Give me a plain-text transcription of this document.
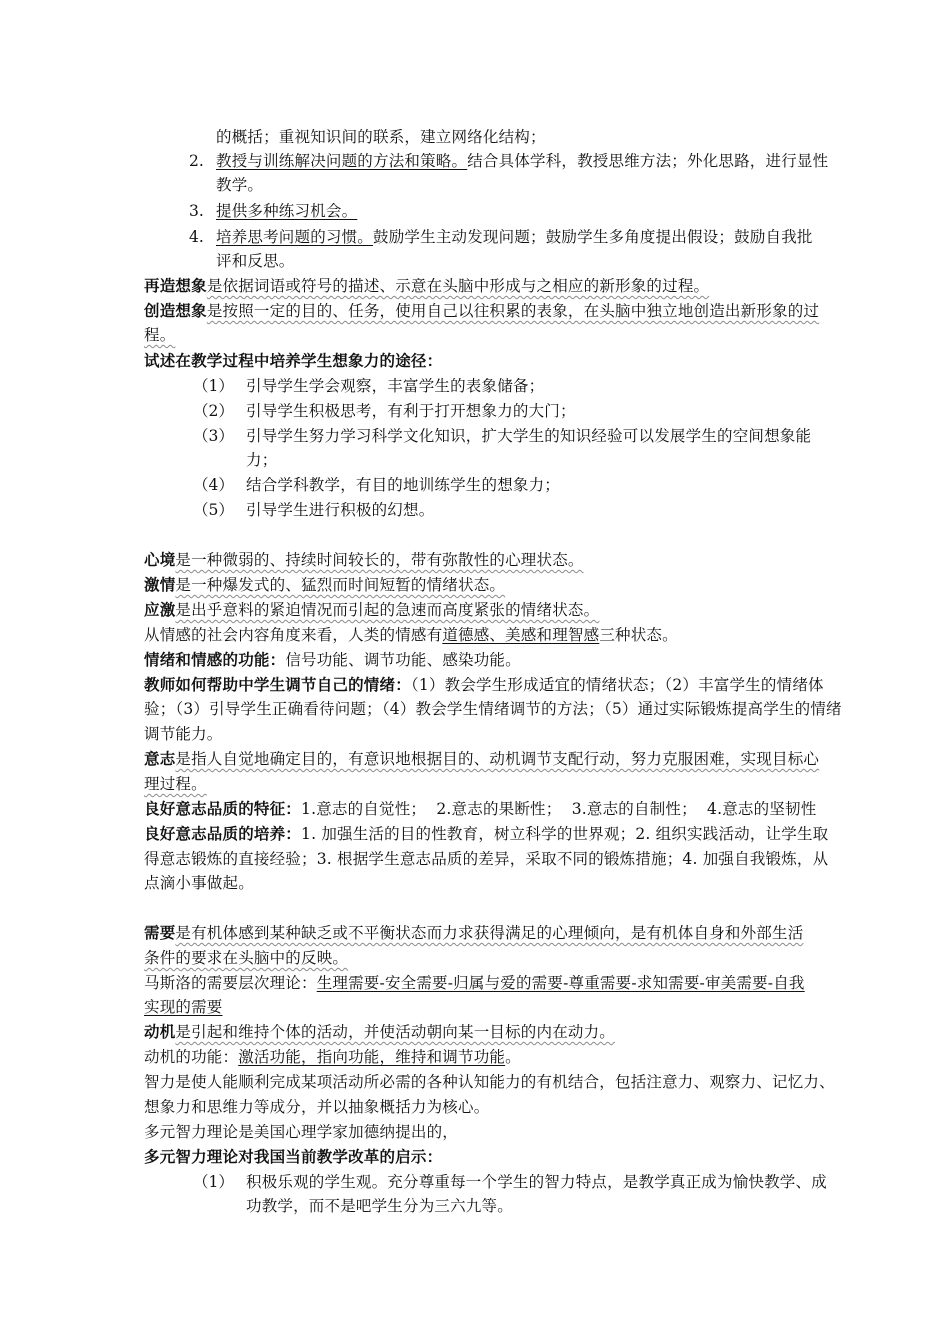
的概括；重视知识间的联系，建立网络化结构；
2. 教授与训练解决问题的方法和策略。结合具体学科，教授思维方法；外化思路，进行显性
教学。
3. 提供多种练习机会。
4. 培养思考问题的习惯。鼓励学生主动发现问题；鼓励学生多角度提出假设；鼓励自我批
评和反思。
再造想象是依据词语或符号的描述、示意在头脑中形成与之相应的新形象的过程。
创造想象是按照一定的目的、任务，使用自己以往积累的表象，在头脑中独立地创造出新形象的过
程。
试述在教学过程中培养学生想象力的途径：
（1） 引导学生学会观察，丰富学生的表象储备；
（2） 引导学生积极思考，有利于打开想象力的大门；
（3） 引导学生努力学习科学文化知识，扩大学生的知识经验可以发展学生的空间想象能
力；
（4） 结合学科教学，有目的地训练学生的想象力；
（5） 引导学生进行积极的幻想。
心境是一种微弱的、持续时间较长的，带有弥散性的心理状态。
激情是一种爆发式的、猛烈而时间短暂的情绪状态。
应激是出乎意料的紧迫情况而引起的急速而高度紧张的情绪状态。
从情感的社会内容角度来看，人类的情感有道德感、美感和理智感三种状态。
情绪和情感的功能：信号功能、调节功能、感染功能。
教师如何帮助中学生调节自己的情绪：（1）教会学生形成适宜的情绪状态；（2）丰富学生的情绪体
验；（3）引导学生正确看待问题；（4）教会学生情绪调节的方法；（5）通过实际锻炼提高学生的情绪
调节能力。
意志是指人自觉地确定目的，有意识地根据目的、动机调节支配行动，努力克服困难，实现目标心
理过程。
良好意志品质的特征：1.意志的自觉性；  2.意志的果断性；  3.意志的自制性；  4.意志的坚韧性
良好意志品质的培养：1. 加强生活的目的性教育，树立科学的世界观；2. 组织实践活动，让学生取
得意志锻炼的直接经验；3. 根据学生意志品质的差异，采取不同的锻炼措施；4. 加强自我锻炼，从
点滴小事做起。
需要是有机体感到某种缺乏或不平衡状态而力求获得满足的心理倾向，是有机体自身和外部生活
条件的要求在头脑中的反映。
马斯洛的需要层次理论：生理需要-安全需要-归属与爱的需要-尊重需要-求知需要-审美需要-自我
实现的需要
动机是引起和维持个体的活动，并使活动朝向某一目标的内在动力。
动机的功能：激活功能，指向功能，维持和调节功能。
智力是使人能顺利完成某项活动所必需的各种认知能力的有机结合，包括注意力、观察力、记忆力、
想象力和思维力等成分，并以抽象概括力为核心。
多元智力理论是美国心理学家加德纳提出的，
多元智力理论对我国当前教学改革的启示：
（1） 积极乐观的学生观。充分尊重每一个学生的智力特点，是教学真正成为愉快教学、成
功教学，而不是吧学生分为三六九等。
